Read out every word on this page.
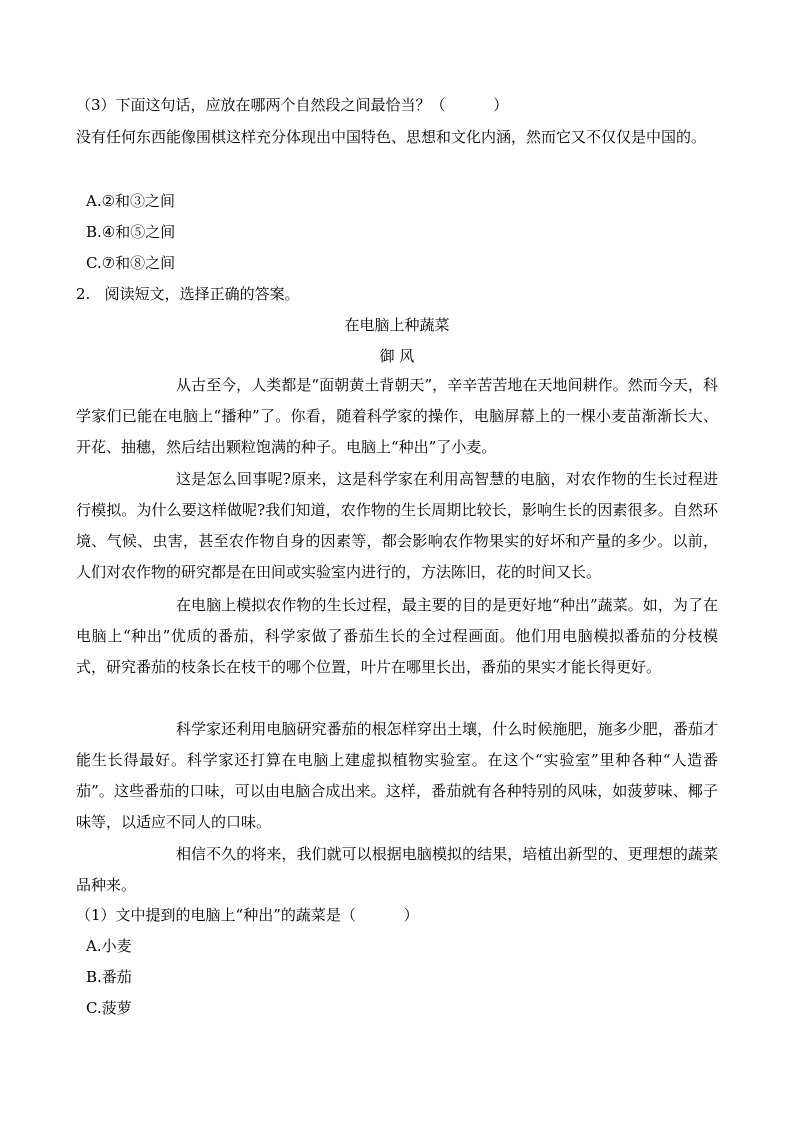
（3）下面这句话，应放在哪两个自然段之间最恰当？（          ）
没有任何东西能像围棋这样充分体现出中国特色、思想和文化内涵，然而它又不仅仅是中国的。
A.②和③之间
B.④和⑤之间
C.⑦和⑧之间
2.   阅读短文，选择正确的答案。
在电脑上种蔬菜
御 风
从古至今，人类都是“面朝黄土背朝天”，辛辛苦苦地在天地间耕作。然而今天，科学家们已能在电脑上“播种”了。你看，随着科学家的操作，电脑屏幕上的一棵小麦苗渐渐长大、开花、抽穗，然后结出颗粒饱满的种子。电脑上“种出”了小麦。
这是怎么回事呢?原来，这是科学家在利用高智慧的电脑，对农作物的生长过程进行模拟。为什么要这样做呢?我们知道，农作物的生长周期比较长，影响生长的因素很多。自然环境、气候、虫害，甚至农作物自身的因素等，都会影响农作物果实的好坏和产量的多少。以前，人们对农作物的研究都是在田间或实验室内进行的，方法陈旧，花的时间又长。
在电脑上模拟农作物的生长过程，最主要的目的是更好地“种出”蔬菜。如，为了在电脑上“种出”优质的番茄，科学家做了番茄生长的全过程画面。他们用电脑模拟番茄的分枝模式，研究番茄的枝条长在枝干的哪个位置，叶片在哪里长出，番茄的果实才能长得更好。
科学家还利用电脑研究番茄的根怎样穿出土壤，什么时候施肥，施多少肥，番茄才能生长得最好。科学家还打算在电脑上建虚拟植物实验室。在这个“实验室”里种各种“人造番茄”。这些番茄的口味，可以由电脑合成出来。这样，番茄就有各种特别的风味，如菠萝味、椰子味等，以适应不同人的口味。
相信不久的将来，我们就可以根据电脑模拟的结果，培植出新型的、更理想的蔬菜品种来。
（1）文中提到的电脑上“种出”的蔬菜是（          ）
A.小麦
B.番茄
C.菠萝
